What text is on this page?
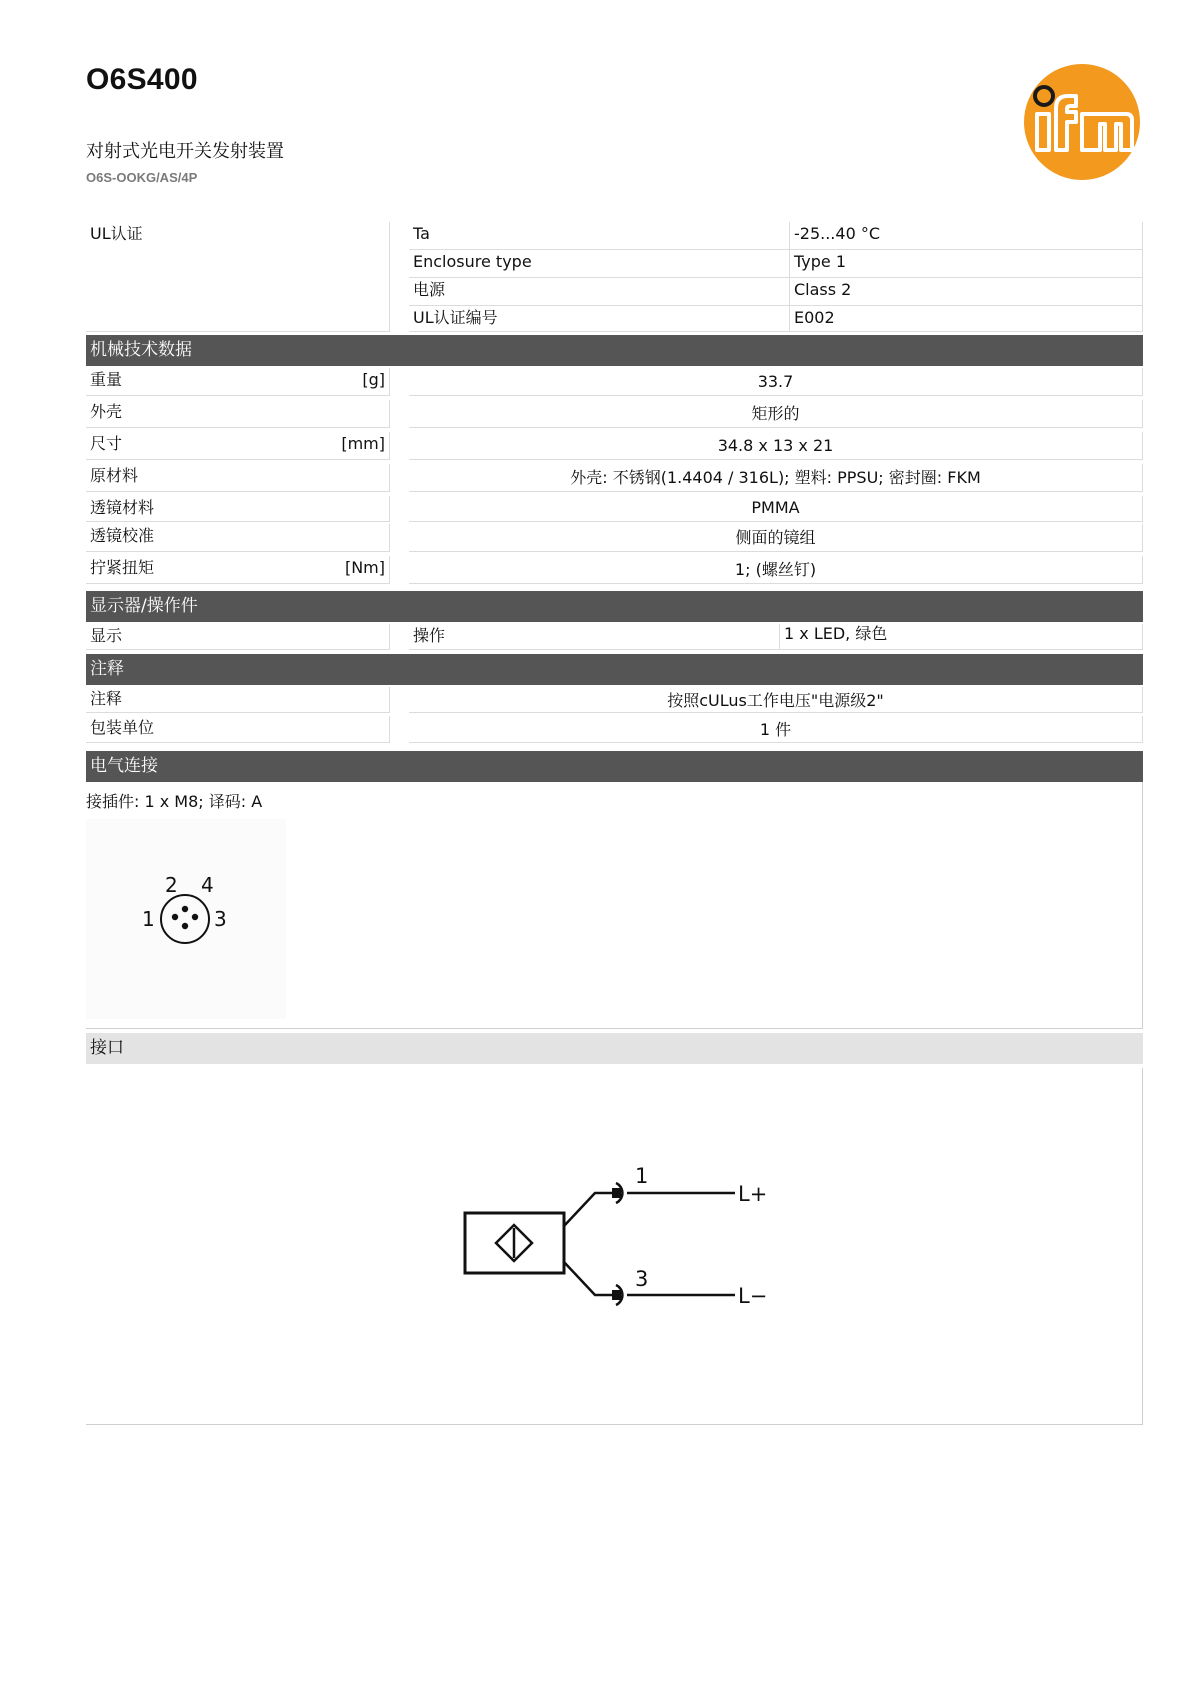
O6S400
对射式光电开关发射装置
O6S-OOKG/AS/4P
UL认证	Ta	-25...40 °C
Enclosure type	Type 1
电源	Class 2
UL认证编号	E002
机械技术数据
重量	[g]	33.7
外壳	矩形的
尺寸	[mm]	34.8 x 13 x 21
原材料	外壳: 不锈钢(1.4404 / 316L); 塑料: PPSU; 密封圈: FKM
透镜材料	PMMA
透镜校准	侧面的镜组
拧紧扭矩	[Nm]	1; (螺丝钉)
显示器/操作件
显示	操作	1 x LED, 绿色
注释
注释	按照cULus工作电压"电源级2"
包装单位	1 件
电气连接
接插件: 1 x M8; 译码: A
2 4
1	3
接口
1
3
L+
L−
